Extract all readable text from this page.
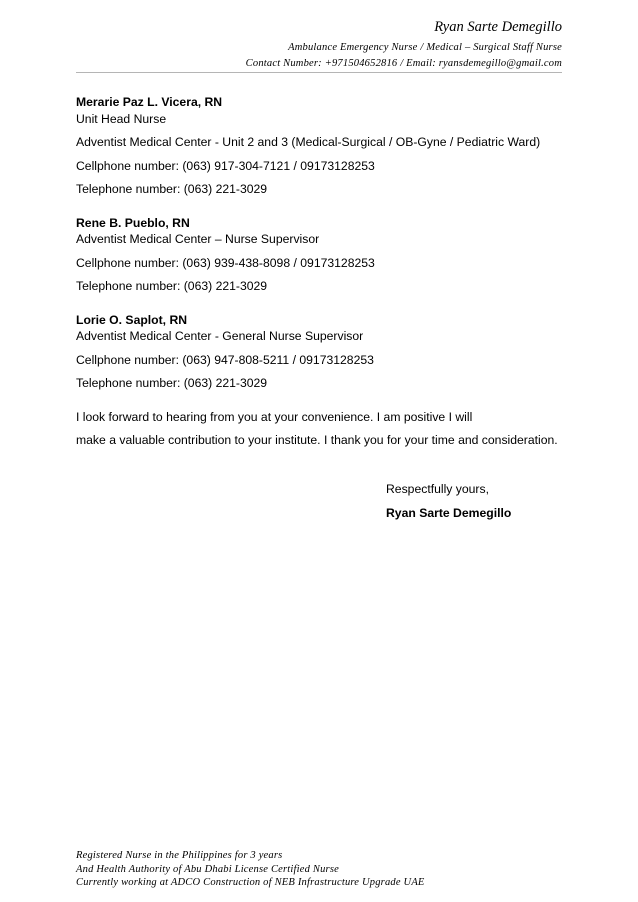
Ryan Sarte Demegillo
Ambulance Emergency Nurse / Medical – Surgical Staff Nurse
Contact Number: +971504652816 / Email: ryansdemegillo@gmail.com
Merarie Paz L. Vicera, RN
Unit Head Nurse
Adventist Medical Center - Unit 2 and 3 (Medical-Surgical / OB-Gyne / Pediatric Ward)
Cellphone number: (063) 917-304-7121 / 09173128253
Telephone number: (063) 221-3029
Rene B. Pueblo, RN
Adventist Medical Center – Nurse Supervisor
Cellphone number: (063) 939-438-8098 / 09173128253
Telephone number: (063) 221-3029
Lorie O. Saplot, RN
Adventist Medical Center - General Nurse Supervisor
Cellphone number: (063) 947-808-5211 / 09173128253
Telephone number: (063) 221-3029
I look forward to hearing from you at your convenience. I am positive I will
make a valuable contribution to your institute. I thank you for your time and consideration.
Respectfully yours,
Ryan Sarte Demegillo
Registered Nurse in the Philippines for 3 years
And Health Authority of Abu Dhabi License Certified Nurse
Currently working at ADCO Construction of NEB Infrastructure Upgrade UAE
